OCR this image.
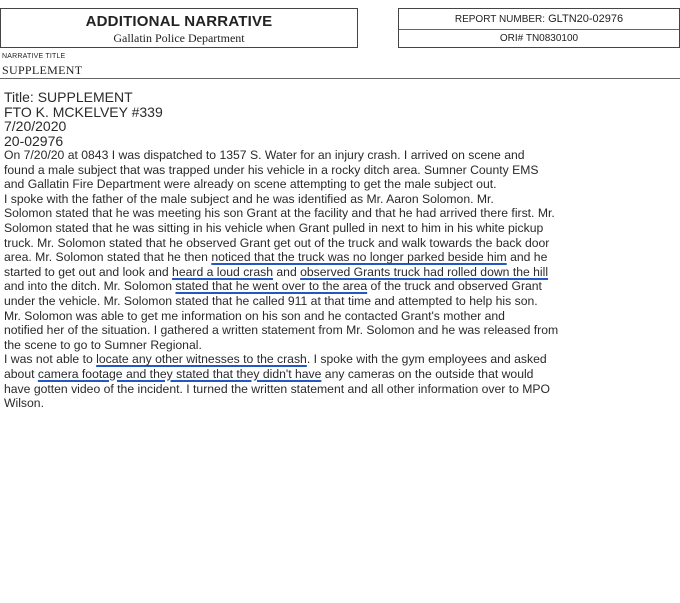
ADDITIONAL NARRATIVE
Gallatin Police Department
REPORT NUMBER: GLTN20-02976
ORI# TN0830100
NARRATIVE TITLE
SUPPLEMENT
Title: SUPPLEMENT
FTO K. MCKELVEY #339
7/20/2020
20-02976
On 7/20/20 at 0843 I was dispatched to 1357 S. Water for an injury crash. I arrived on scene and
found a male subject that was trapped under his vehicle in a rocky ditch area. Sumner County EMS
and Gallatin Fire Department were already on scene attempting to get the male subject out.
I spoke with the father of the male subject and he was identified as Mr. Aaron Solomon. Mr.
Solomon stated that he was meeting his son Grant at the facility and that he had arrived there first. Mr.
Solomon stated that he was sitting in his vehicle when Grant pulled in next to him in his white pickup
truck. Mr. Solomon stated that he observed Grant get out of the truck and walk towards the back door
area. Mr. Solomon stated that he then noticed that the truck was no longer parked beside him and he
started to get out and look and heard a loud crash and observed Grants truck had rolled down the hill
and into the ditch. Mr. Solomon stated that he went over to the area of the truck and observed Grant
under the vehicle. Mr. Solomon stated that he called 911 at that time and attempted to help his son.
Mr. Solomon was able to get me information on his son and he contacted Grant's mother and
notified her of the situation. I gathered a written statement from Mr. Solomon and he was released from
the scene to go to Sumner Regional.
I was not able to locate any other witnesses to the crash. I spoke with the gym employees and asked
about camera footage and they stated that they didn't have any cameras on the outside that would
have gotten video of the incident. I turned the written statement and all other information over to MPO
Wilson.
